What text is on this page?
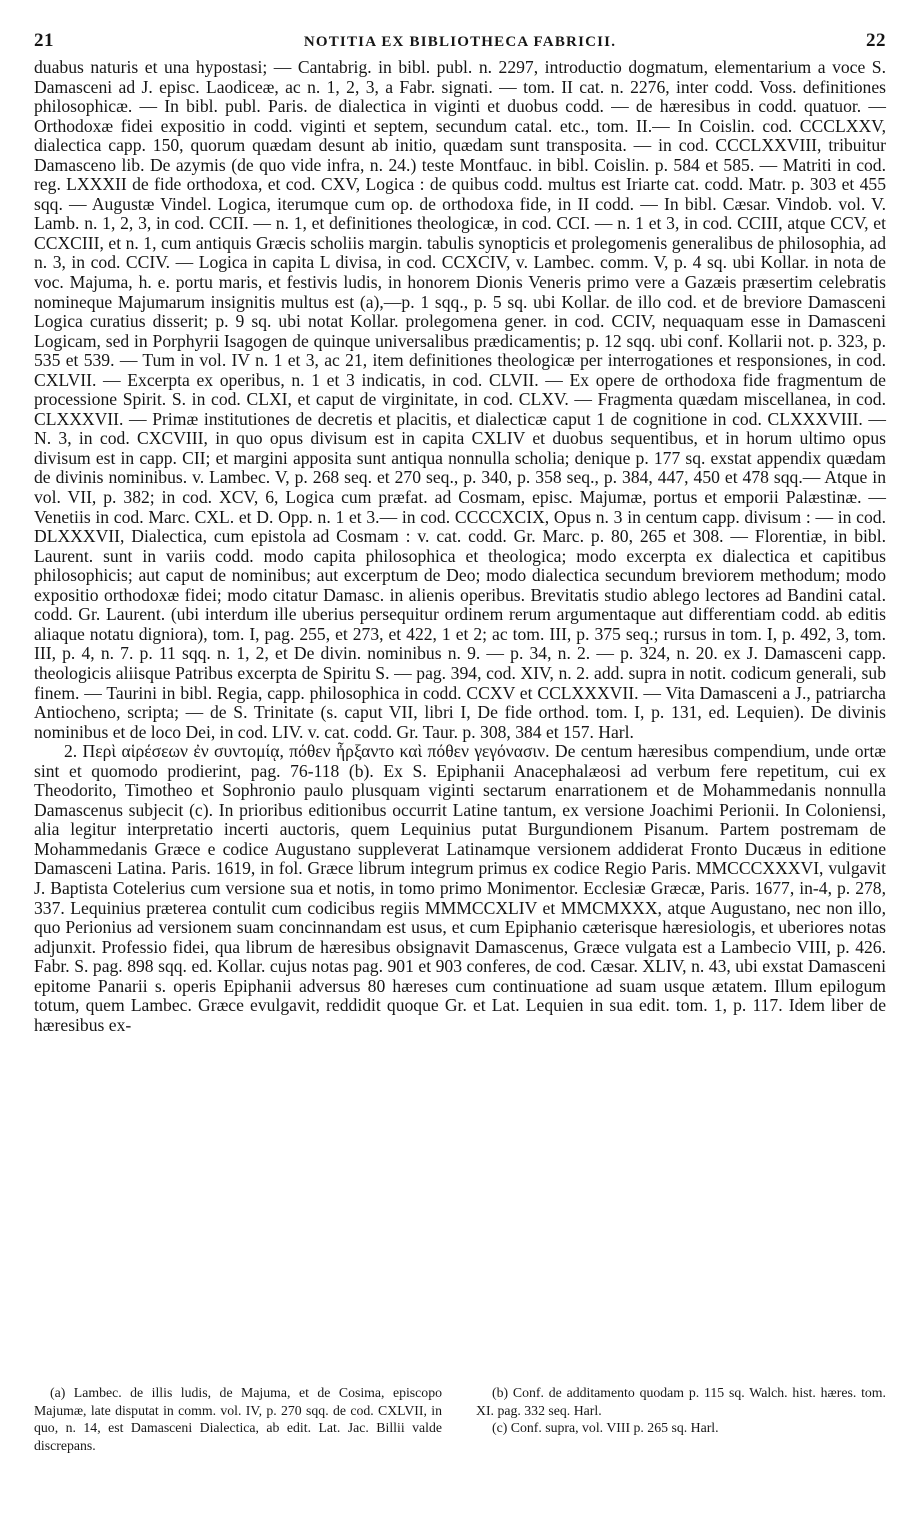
21	NOTITIA EX BIBLIOTHECA FABRICII.	22

duabus naturis et una hypostasi; — Cantabrig. in bibl. publ. n. 2297, introductio dogmatum, elementarium a voce S. Damasceni ad J. episc. Laodiceæ, ac n. 1, 2, 3, a Fabr. signati. — tom. II cat. n. 2276, inter codd. Voss. definitiones philosophicæ. — In bibl. publ. Paris. de dialectica in viginti et duobus codd. — de hæresibus in codd. quatuor. — Orthodoxæ fidei expositio in codd. viginti et septem, secundum catal. etc., tom. II.— In Coislin. cod. CCCLXXV, dialectica capp. 150, quorum quædam desunt ab initio, quædam sunt transposita. — in cod. CCCLXXVIII, tribuitur Damasceno lib. De azymis (de quo vide infra, n. 24.) teste Montfauc. in bibl. Coislin. p. 584 et 585. — Matriti in cod. reg. LXXXII de fide orthodoxa, et cod. CXV, Logica : de quibus codd. multus est Iriarte cat. codd. Matr. p. 303 et 455 sqq. — Augustæ Vindel. Logica, iterumque cum op. de orthodoxa fide, in II codd. — In bibl. Cæsar. Vindob. vol. V. Lamb. n. 1, 2, 3, in cod. CCII. — n. 1, et definitiones theologicæ, in cod. CCI. — n. 1 et 3, in cod. CCIII, atque CCV, et CCXCIII, et n. 1, cum antiquis Græcis scholiis margin. tabulis synopticis et prolegomenis generalibus de philosophia, ad n. 3, in cod. CCIV. — Logica in capita L divisa, in cod. CCXCIV, v. Lambec. comm. V, p. 4 sq. ubi Kollar. in nota de voc. Majuma, h. e. portu maris, et festivis ludis, in honorem Dionis Veneris primo vere a Gazæis præsertim celebratis nomineque Majumarum insignitis multus est (a),—p. 1 sqq., p. 5 sq. ubi Kollar. de illo cod. et de breviore Damasceni Logica curatius disserit; p. 9 sq. ubi notat Kollar. prolegomena gener. in cod. CCIV, nequaquam esse in Damasceni Logicam, sed in Porphyrii Isagogen de quinque universalibus prædicamentis; p. 12 sqq. ubi conf. Kollarii not. p. 323, p. 535 et 539. — Tum in vol. IV n. 1 et 3, ac 21, item definitiones theologicæ per interrogationes et responsiones, in cod. CXLVII. — Excerpta ex operibus, n. 1 et 3 indicatis, in cod. CLVII. — Ex opere de orthodoxa fide fragmentum de processione Spirit. S. in cod. CLXI, et caput de virginitate, in cod. CLXV. — Fragmenta quædam miscellanea, in cod. CLXXXVII. — Primæ institutiones de decretis et placitis, et dialecticæ caput 1 de cognitione in cod. CLXXXVIII. — N. 3, in cod. CXCVIII, in quo opus divisum est in capita CXLIV et duobus sequentibus, et in horum ultimo opus divisum est in capp. CII; et margini apposita sunt antiqua nonnulla scholia; denique p. 177 sq. exstat appendix quædam de divinis nominibus. v. Lambec. V, p. 268 seq. et 270 seq., p. 340, p. 358 seq., p. 384, 447, 450 et 478 sqq.— Atque in vol. VII, p. 382; in cod. XCV, 6, Logica cum præfat. ad Cosmam, episc. Majumæ, portus et emporii Palæstinæ. — Venetiis in cod. Marc. CXL. et D. Opp. n. 1 et 3.— in cod. CCCCXCIX, Opus n. 3 in centum capp. divisum : — in cod. DLXXXVII, Dialectica, cum epistola ad Cosmam : v. cat. codd. Gr. Marc. p. 80, 265 et 308. — Florentiæ, in bibl. Laurent. sunt in variis codd. modo capita philosophica et theologica; modo excerpta ex dialectica et capitibus philosophicis; aut caput de nominibus; aut excerptum de Deo; modo dialectica secundum breviorem methodum; modo expositio orthodoxæ fidei; modo citatur Damasc. in alienis operibus. Brevitatis studio ablego lectores ad Bandini catal. codd. Gr. Laurent. (ubi interdum ille uberius persequitur ordinem rerum argumentaque aut differentiam codd. ab editis aliaque notatu digniora), tom. I, pag. 255, et 273, et 422, 1 et 2; ac tom. III, p. 375 seq.; rursus in tom. I, p. 492, 3, tom. III, p. 4, n. 7. p. 11 sqq. n. 1, 2, et De divin. nominibus n. 9. — p. 34, n. 2. — p. 324, n. 20. ex J. Damasceni capp. theologicis aliisque Patribus excerpta de Spiritu S. — pag. 394, cod. XIV, n. 2. add. supra in notit. codicum generali, sub finem. — Taurini in bibl. Regia, capp. philosophica in codd. CCXV et CCLXXXVII. — Vita Damasceni a J., patriarcha Antiocheno, scripta; — de S. Trinitate (s. caput VII, libri I, De fide orthod. tom. I, p. 131, ed. Lequien). De divinis nominibus et de loco Dei, in cod. LIV. v. cat. codd. Gr. Taur. p. 308, 384 et 157. Harl.

2. Περὶ αἱρέσεων ἐν συντομίᾳ, πόθεν ἦρξαντο καὶ πόθεν γεγόνασιν. De centum hæresibus compendium, unde ortæ sint et quomodo prodierint, pag. 76-118 (b). Ex S. Epiphanii Anacephalæosi ad verbum fere repetitum, cui ex Theodorito, Timotheo et Sophronio paulo plusquam viginti sectarum enarrationem et de Mohammedanis nonnulla Damascenus subjecit (c). In prioribus editionibus occurrit Latine tantum, ex versione Joachimi Perionii. In Coloniensi, alia legitur interpretatio incerti auctoris, quem Lequinius putat Burgundionem Pisanum. Partem postremam de Mohammedanis Græce e codice Augustano suppleverat Latinamque versionem addiderat Fronto Ducæus in editione Damasceni Latina. Paris. 1619, in fol. Græce librum integrum primus ex codice Regio Paris. MMCCCXXXVI, vulgavit J. Baptista Cotelerius cum versione sua et notis, in tomo primo Monimentor. Ecclesiæ Græcæ, Paris. 1677, in-4, p. 278, 337. Lequinius præterea contulit cum codicibus regiis MMMCCXLIV et MMCMXXX, atque Augustano, nec non illo, quo Perionius ad versionem suam concinnandam est usus, et cum Epiphanio cæterisque hæresiologis, et uberiores notas adjunxit. Professio fidei, qua librum de hæresibus obsignavit Damascenus, Græce vulgata est a Lambecio VIII, p. 426. Fabr. S. pag. 898 sqq. ed. Kollar. cujus notas pag. 901 et 903 conferes, de cod. Cæsar. XLIV, n. 43, ubi exstat Damasceni epitome Panarii s. operis Epiphanii adversus 80 hæreses cum continuatione ad suam usque ætatem. Illum epilogum totum, quem Lambec. Græce evulgavit, reddidit quoque Gr. et Lat. Lequien in sua edit. tom. 1, p. 117. Idem liber de hæresibus ex-

(a) Lambec. de illis ludis, de Majuma, et de Cosima, episcopo Majumæ, late disputat in comm. vol. IV, p. 270 sqq. de cod. CXLVII, in quo, n. 14, est Damasceni Dialectica, ab edit. Lat. Jac. Billii valde discrepans.

(b) Conf. de additamento quodam p. 115 sq. Walch. hist. hæres. tom. XI. pag. 332 seq. Harl.

(c) Conf. supra, vol. VIII p. 265 sq. Harl.
